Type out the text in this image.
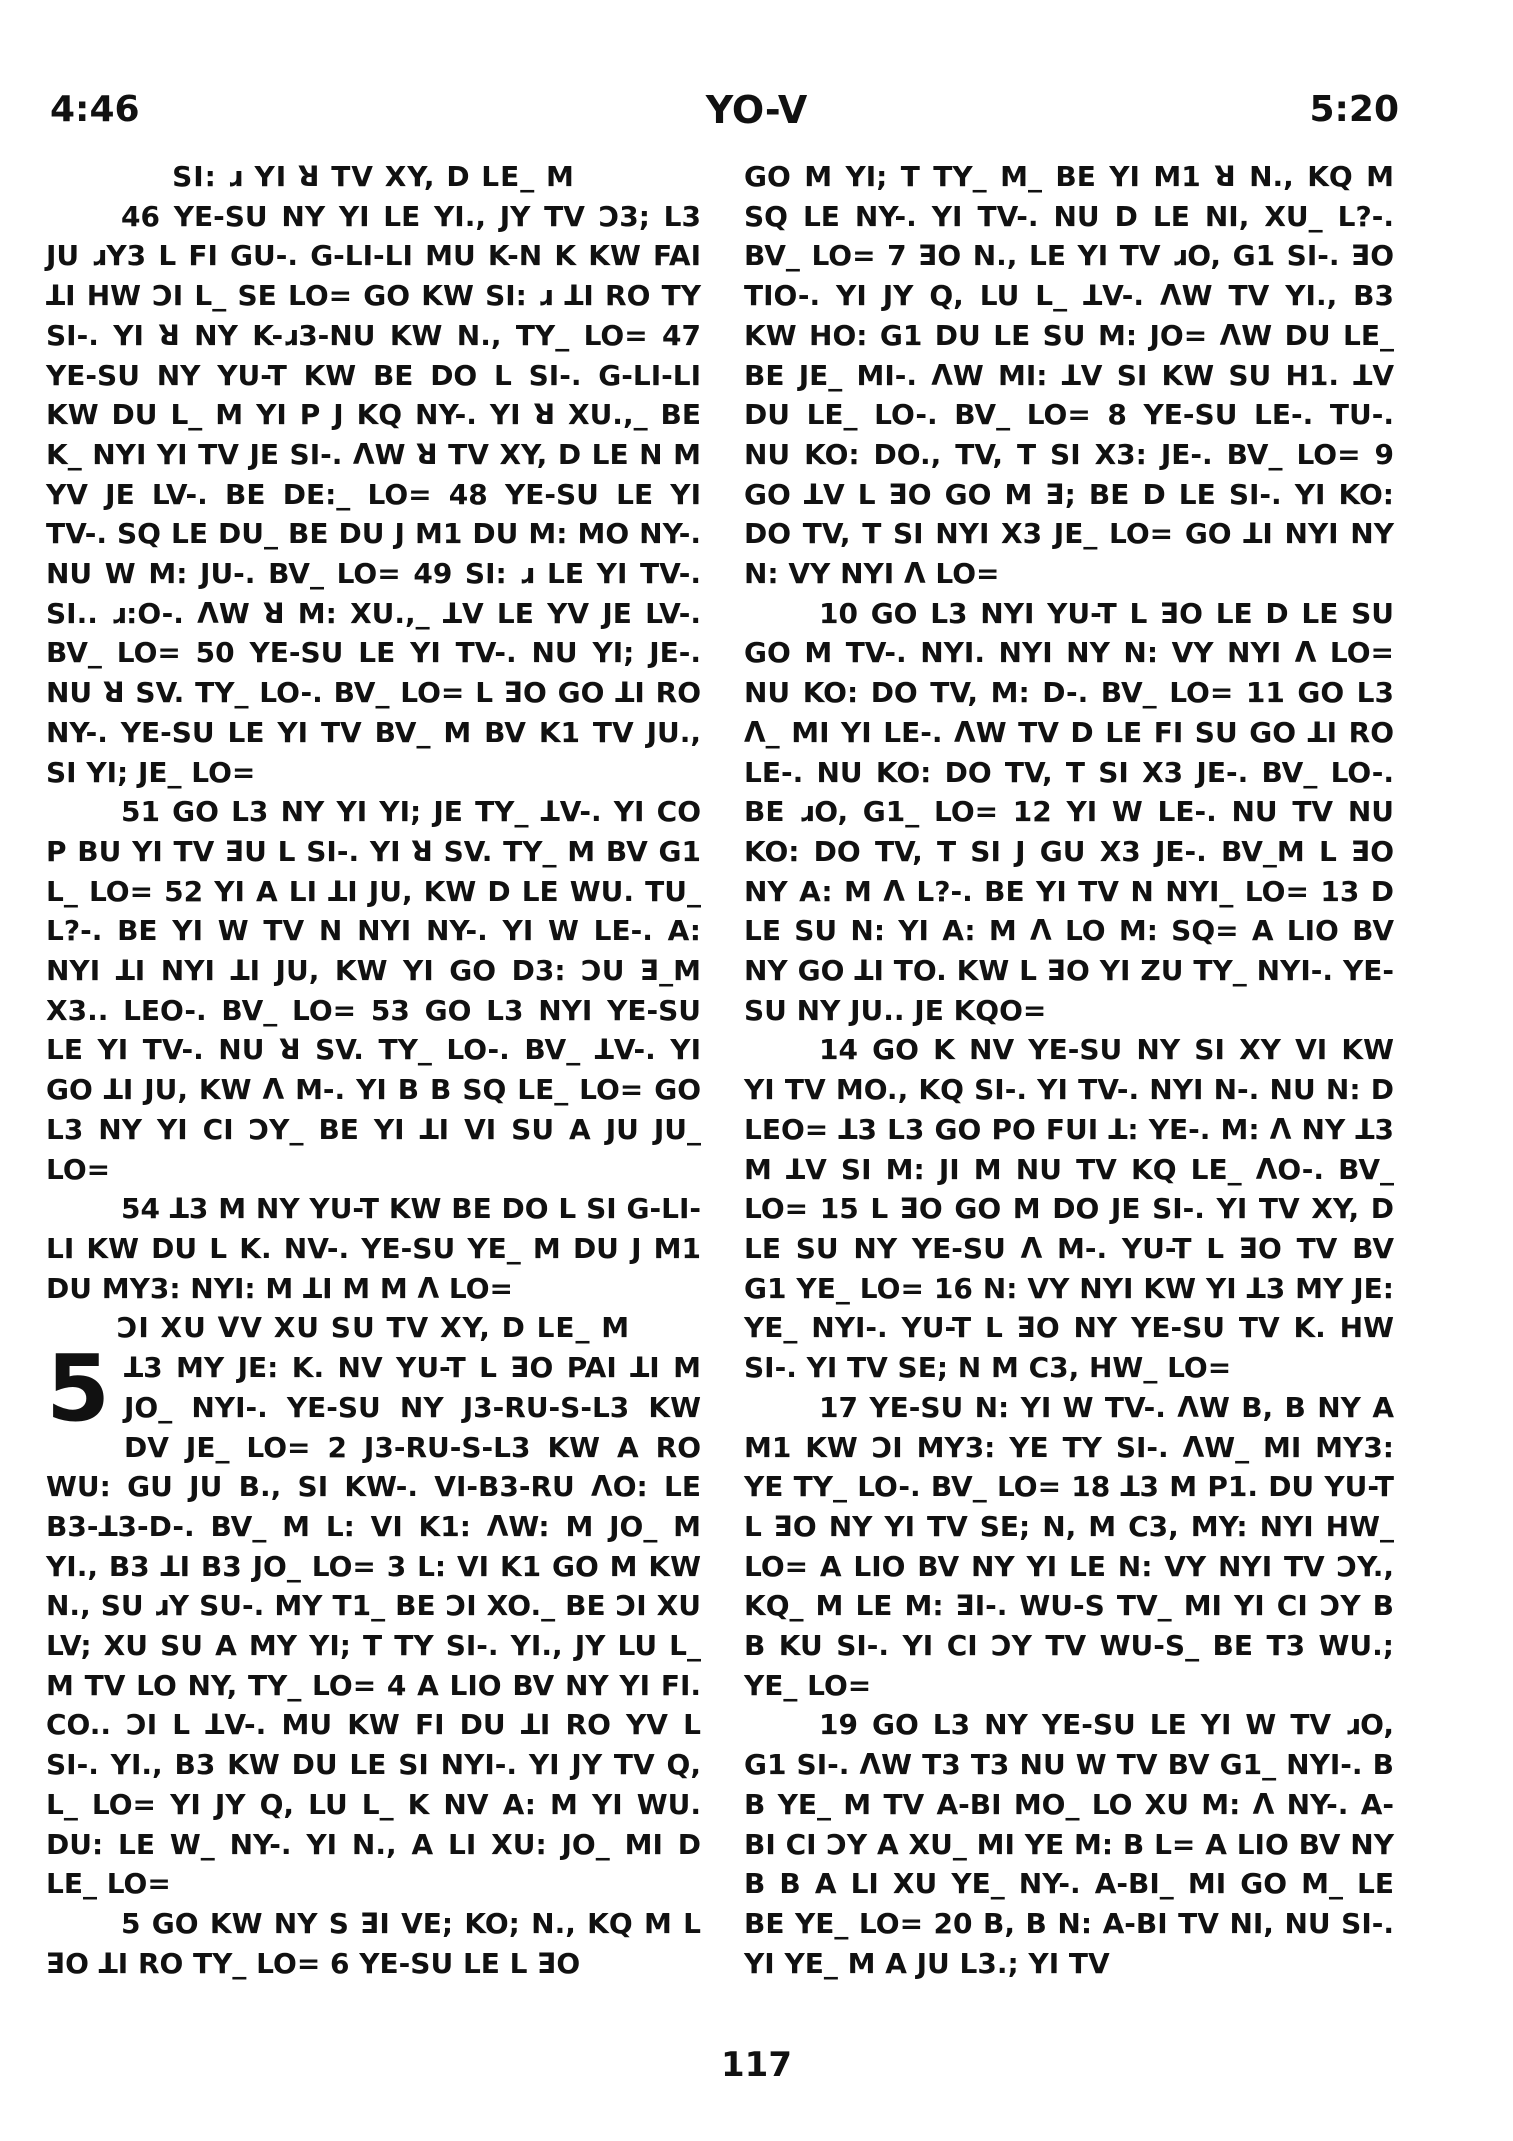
4:46	YO-V	5:20
SI: ɹ YI ꓤ TV XY, D LE_ M

46 YE-SU NY YI LE YI., JY TV Ɔ3; L3 JU ɹY3 L FI GU-. G-LI-LI MU K-N K KW FAI ꓕI HW ƆI L_ SE LO= GO KW SI: ɹ ꓕI RO TY SI-. YI ꓤ NY K-ɹ3-NU KW N., TY_ LO= 47 YE-SU NY YU-T KW BE DO L SI-. G-LI-LI KW DU L_ M YI P J KQ NY-. YI ꓤ XU.,_ BE K_ NYI YI TV JE SI-. ΛW ꓤ TV XY, D LE N M YV JE LV-. BE DE:_ LO= 48 YE-SU LE YI TV-. SQ LE DU_ BE DU J M1 DU M: MO NY-. NU W M: JU-. BV_ LO= 49 SI: ɹ LE YI TV-. SI.. ɹ:O-. ΛW ꓤ M: XU.,_ ꓕV LE YV JE LV-. BV_ LO= 50 YE-SU LE YI TV-. NU YI; JE-. NU ꓤ SV. TY_ LO-. BV_ LO= L ꓱO GO ꓕI RO NY-. YE-SU LE YI TV BV_ M BV K1 TV JU., SI YI; JE_ LO=

51 GO L3 NY YI YI; JE TY_ ꓕV-. YI CO P BU YI TV ꓱU L SI-. YI ꓤ SV. TY_ M BV G1 L_ LO= 52 YI A LI ꓕI JU, KW D LE WU. TU_ L?-. BE YI W TV N NYI NY-. YI W LE-. A: NYI ꓕI NYI ꓕI JU, KW YI GO D3: ƆU ꓱ_M X3.. LEO-. BV_ LO= 53 GO L3 NYI YE-SU LE YI TV-. NU ꓤ SV. TY_ LO-. BV_ ꓕV-. YI GO ꓕI JU, KW Λ M-. YI B B SQ LE_ LO= GO L3 NY YI CI ƆY_ BE YI ꓕI VI SU A JU JU_ LO=

54 ꓕ3 M NY YU-T KW BE DO L SI G-LI-LI KW DU L K. NV-. YE-SU YE_ M DU J M1 DU MY3: NYI: M ꓕI M M Λ LO=

ƆI XU ꓦV XU SU TV XY, D LE_ M
5 ꓕ3 MY JE: K. NV YU-T L ꓱO PAI ꓕI M JO_ NYI-. YE-SU NY J3-RU-S-L3 KW DV JE_ LO= 2 J3-RU-S-L3 KW A RO WU: GU JU B., SI KW-. VI-B3-RU ΛO: LE B3-ꓕ3-D-. BV_ M L: VI K1: ΛW: M JO_ M YI., B3 ꓕI B3 JO_ LO= 3 L: VI K1 GO M KW N., SU ɹY SU-. MY T1_ BE ƆI XO._ BE ƆI XU LV; XU SU A MY YI; T TY SI-. YI., JY LU L_ M TV LO NY, TY_ LO= 4 A LIO BV NY YI FI. CO.. ƆI L ꓕV-. MU KW FI DU ꓕI RO YV L SI-. YI., B3 KW DU LE SI NYI-. YI JY TV Q, L_ LO= YI JY Q, LU L_ K NV A: M YI WU. DU: LE W_ NY-. YI N., A LI XU: JO_ MI D LE_ LO=

5 GO KW NY S ꓱI VE; KO; N., KQ M L ꓱO ꓕI RO TY_ LO= 6 YE-SU LE L ꓱO

GO M YI; T TY_ M_ BE YI M1 ꓤ N., KQ M SQ LE NY-. YI TV-. NU D LE NI, XU_ L?-. BV_ LO= 7 ꓱO N., LE YI TV ɹO, G1 SI-. ꓱO TIO-. YI JY Q, LU L_ ꓕV-. ΛW TV YI., B3 KW HO: G1 DU LE SU M: JO= ΛW DU LE_ BE JE_ MI-. ΛW MI: ꓕV SI KW SU H1. ꓕV DU LE_ LO-. BV_ LO= 8 YE-SU LE-. TU-. NU KO: DO., TV, T SI X3: JE-. BV_ LO= 9 GO ꓕV L ꓱO GO M ꓱ; BE D LE SI-. YI KO: DO TV, T SI NYI X3 JE_ LO= GO ꓕI NYI NY N: VY NYI Λ LO=

10 GO L3 NYI YU-T L ꓱO LE D LE SU GO M TV-. NYI. NYI NY N: VY NYI Λ LO= NU KO: DO TV, M: D-. BV_ LO= 11 GO L3 Λ_ MI YI LE-. ΛW TV D LE FI SU GO ꓕI RO LE-. NU KO: DO TV, T SI X3 JE-. BV_ LO-. BE ɹO, G1_ LO= 12 YI W LE-. NU TV NU KO: DO TV, T SI J GU X3 JE-. BV_M L ꓱO NY A: M Λ L?-. BE YI TV N NYI_ LO= 13 D LE SU N: YI A: M Λ LO M: SQ= A LIO BV NY GO ꓕI TO. KW L ꓱO YI ZU TY_ NYI-. YE-SU NY JU.. JE KQO=

14 GO K NV YE-SU NY SI XY VI KW YI TV MO., KQ SI-. YI TV-. NYI N-. NU N: D LEO= ꓕ3 L3 GO PO FUI ꓕ: YE-. M: Λ NY ꓕ3 M ꓕV SI M: JI M NU TV KQ LE_ ΛO-. BV_ LO= 15 L ꓱO GO M DO JE SI-. YI TV XY, D LE SU NY YE-SU Λ M-. YU-T L ꓱO TV BV G1 YE_ LO= 16 N: VY NYI KW YI ꓕ3 MY JE: YE_ NYI-. YU-T L ꓱO NY YE-SU TV K. HW SI-. YI TV SE; N M C3, HW_ LO=

17 YE-SU N: YI W TV-. ΛW B, B NY A M1 KW ƆI MY3: YE TY SI-. ΛW_ MI MY3: YE TY_ LO-. BV_ LO= 18 ꓕ3 M P1. DU YU-T L ꓱO NY YI TV SE; N, M C3, MY: NYI HW_ LO= A LIO BV NY YI LE N: VY NYI TV ƆY., KQ_ M LE M: ꓱI-. WU-S TV_ MI YI CI ƆY B B KU SI-. YI CI ƆY TV WU-S_ BE T3 WU.; YE_ LO=

19 GO L3 NY YE-SU LE YI W TV ɹO, G1 SI-. ΛW T3 T3 NU W TV BV G1_ NYI-. B B YE_ M TV A-BI MO_ LO XU M: Λ NY-. A-BI CI ƆY A XU_ MI YE M: B L= A LIO BV NY B B A LI XU YE_ NY-. A-BI_ MI GO M_ LE BE YE_ LO= 20 B, B N: A-BI TV NI, NU SI-. YI YE_ M A JU L3.; YI TV

117
